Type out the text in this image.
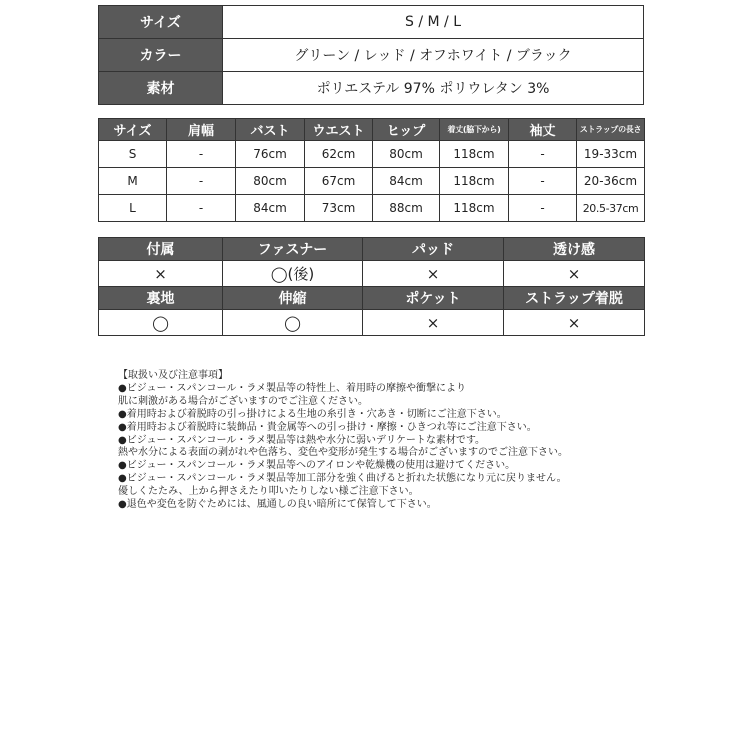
サイズ	S / M / L
カラー	グリーン / レッド / オフホワイト / ブラック
素材	ポリエステル 97% ポリウレタン 3%
サイズ	肩幅	バスト	ウエスト	ヒップ	着丈(脇下から)	袖丈	ストラップの長さ
S	-	76cm	62cm	80cm	118cm	-	19-33cm
M	-	80cm	67cm	84cm	118cm	-	20-36cm
L	-	84cm	73cm	88cm	118cm	-	20.5-37cm
付属	ファスナー	パッド	透け感
×	◯(後)	×	×
裏地	伸縮	ポケット	ストラップ着脱
◯	◯	×	×
【取扱い及び注意事項】
●ビジュー・スパンコール・ラメ製品等の特性上、着用時の摩擦や衝撃により
肌に刺激がある場合がございますのでご注意ください。
●着用時および着脱時の引っ掛けによる生地の糸引き・穴あき・切断にご注意下さい。
●着用時および着脱時に装飾品・貴金属等への引っ掛け・摩擦・ひきつれ等にご注意下さい。
●ビジュー・スパンコール・ラメ製品等は熱や水分に弱いデリケートな素材です。
熱や水分による表面の剥がれや色落ち、変色や変形が発生する場合がございますのでご注意下さい。
●ビジュー・スパンコール・ラメ製品等へのアイロンや乾燥機の使用は避けてください。
●ビジュー・スパンコール・ラメ製品等加工部分を強く曲げると折れた状態になり元に戻りません。
優しくたたみ、上から押さえたり叩いたりしない様ご注意下さい。
●退色や変色を防ぐためには、風通しの良い暗所にて保管して下さい。
